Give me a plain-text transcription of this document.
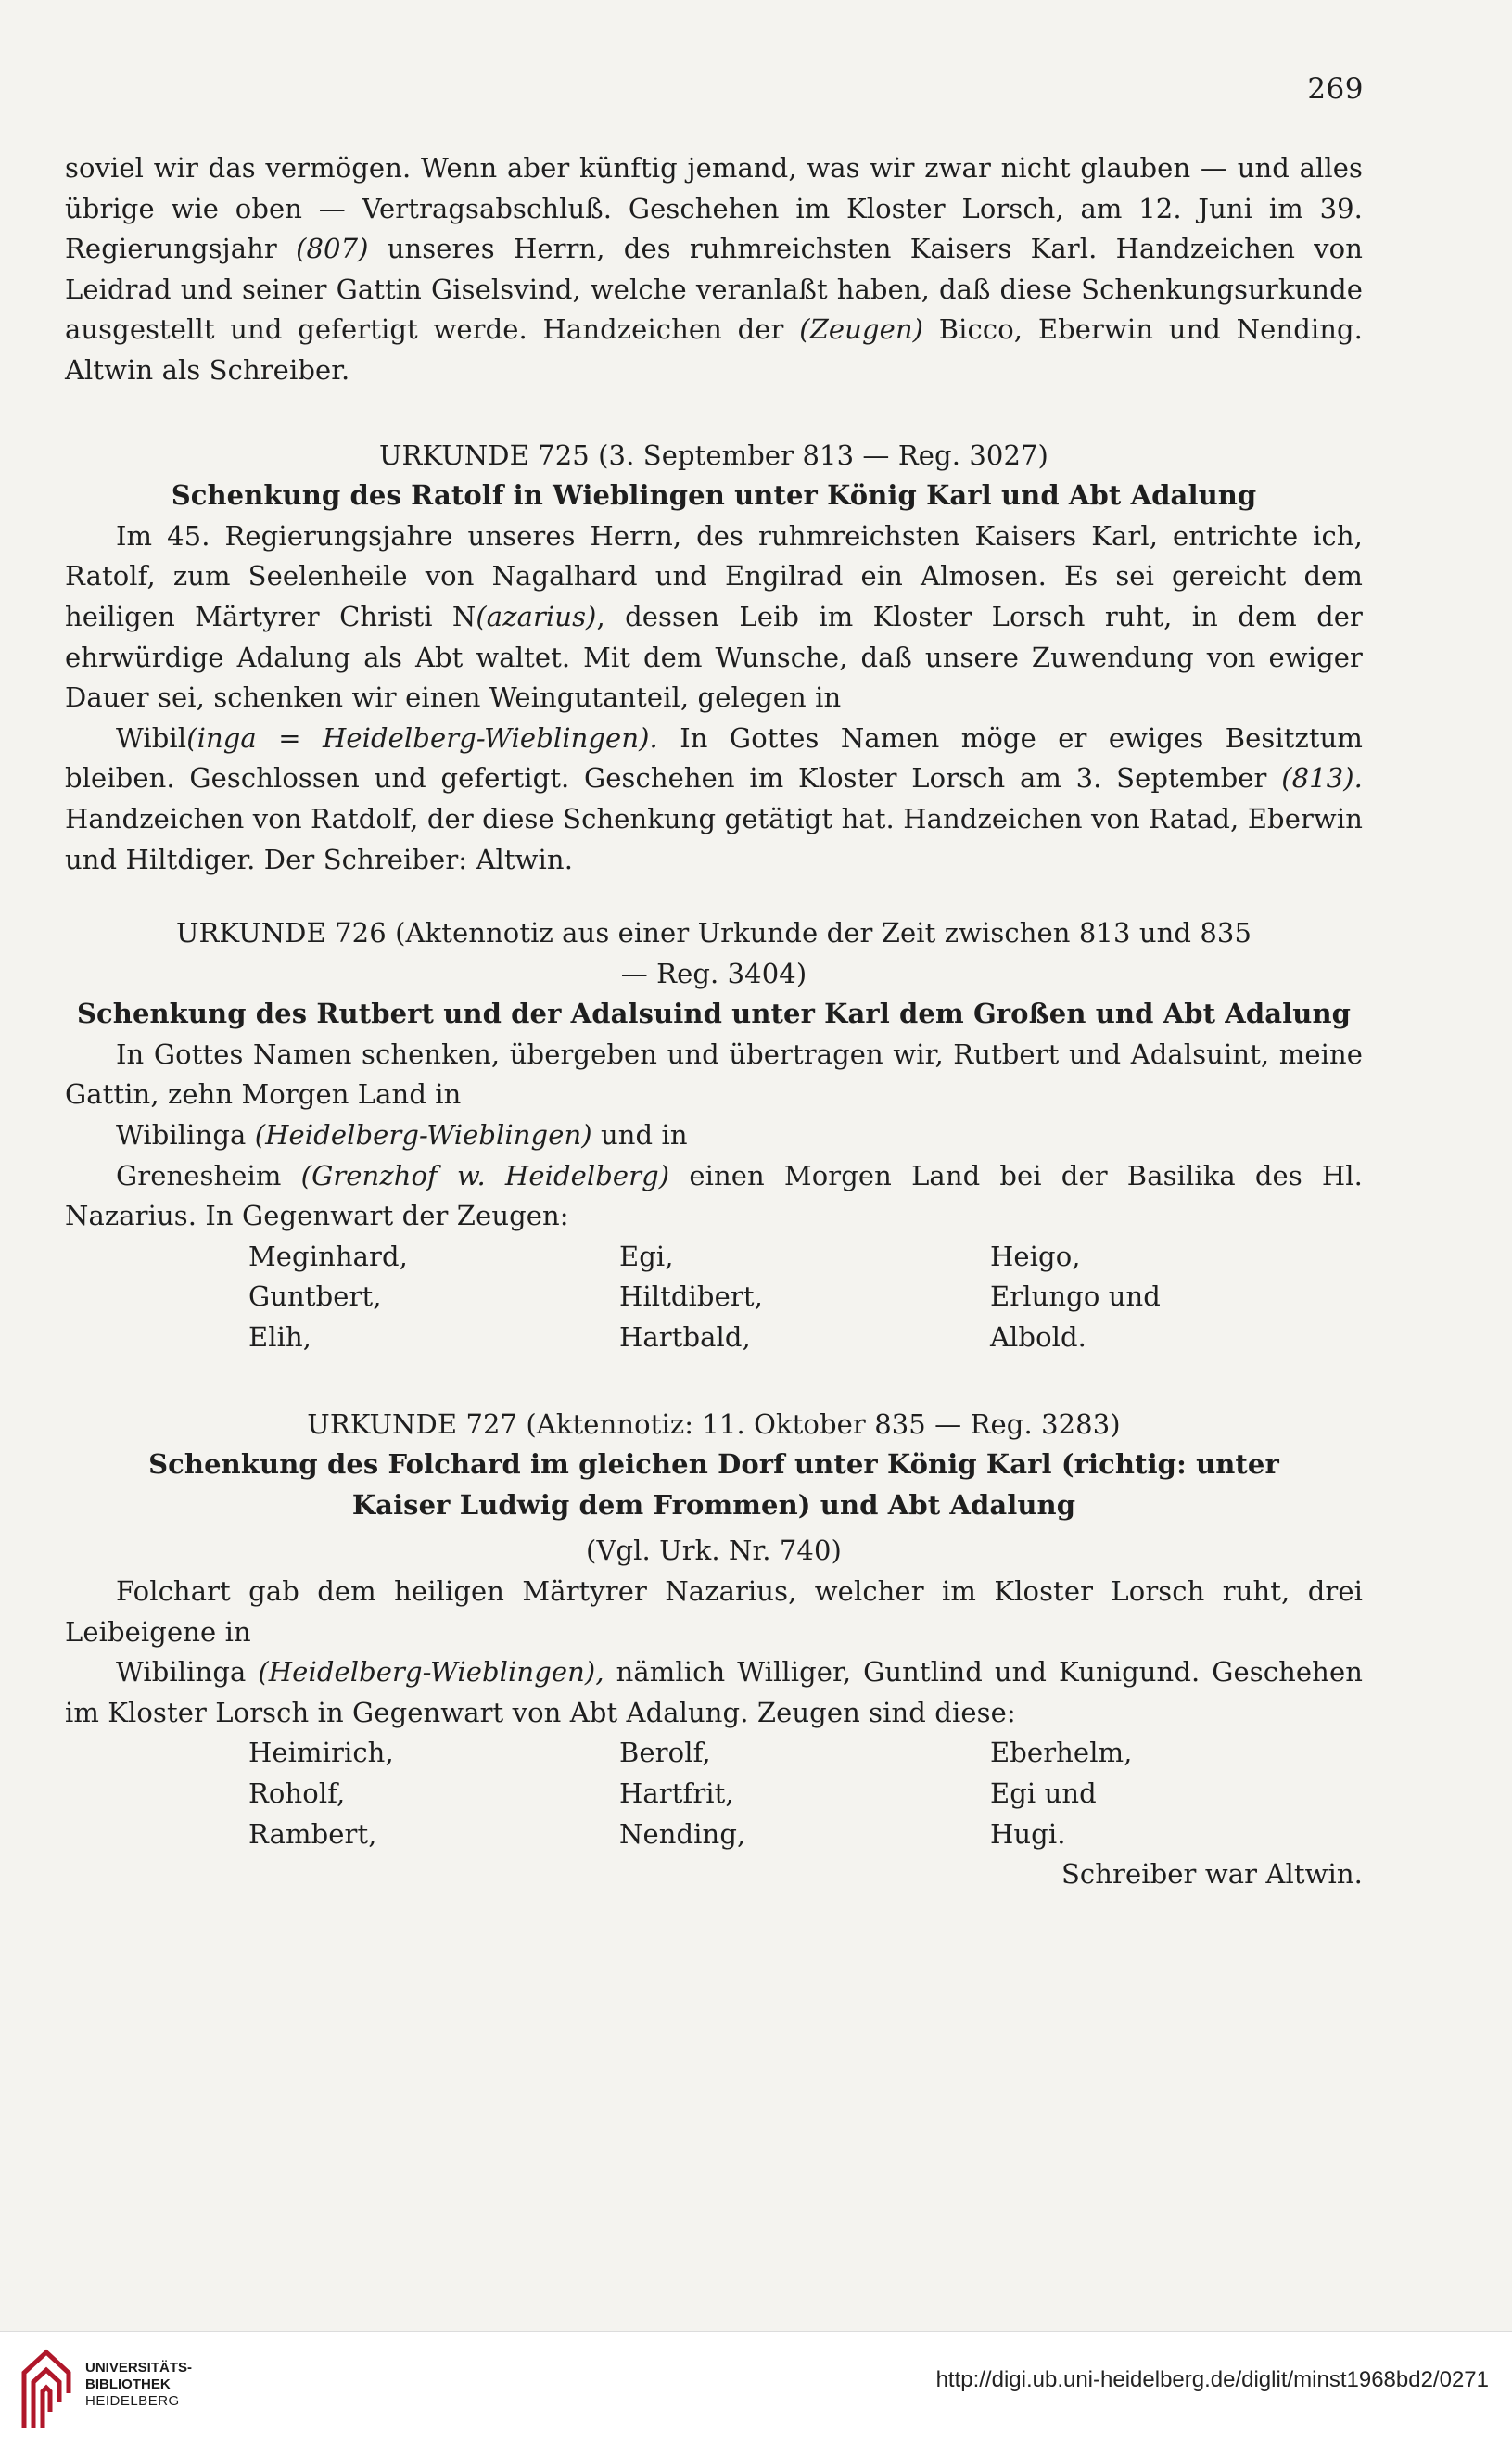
269

soviel wir das vermögen. Wenn aber künftig jemand, was wir zwar nicht glauben — und alles übrige wie oben — Vertragsabschluß. Geschehen im Kloster Lorsch, am 12. Juni im 39. Regierungsjahr (807) unseres Herrn, des ruhmreichsten Kaisers Karl. Handzeichen von Leidrad und seiner Gattin Giselsvind, welche veranlaßt haben, daß diese Schenkungsurkunde ausgestellt und gefertigt werde. Handzeichen der (Zeugen) Bicco, Eberwin und Nending. Altwin als Schreiber.

URKUNDE 725 (3. September 813 — Reg. 3027)

Schenkung des Ratolf in Wieblingen unter König Karl und Abt Adalung

Im 45. Regierungsjahre unseres Herrn, des ruhmreichsten Kaisers Karl, entrichte ich, Ratolf, zum Seelenheile von Nagalhard und Engilrad ein Almosen. Es sei gereicht dem heiligen Märtyrer Christi N(azarius), dessen Leib im Kloster Lorsch ruht, in dem der ehrwürdige Adalung als Abt waltet. Mit dem Wunsche, daß unsere Zuwendung von ewiger Dauer sei, schenken wir einen Weingutanteil, gelegen in

Wibil(inga = Heidelberg-Wieblingen). In Gottes Namen möge er ewiges Besitztum bleiben. Geschlossen und gefertigt. Geschehen im Kloster Lorsch am 3. September (813). Handzeichen von Ratdolf, der diese Schenkung getätigt hat. Handzeichen von Ratad, Eberwin und Hiltdiger. Der Schreiber: Altwin.

URKUNDE 726 (Aktennotiz aus einer Urkunde der Zeit zwischen 813 und 835
— Reg. 3404)

Schenkung des Rutbert und der Adalsuind unter Karl dem Großen und Abt Adalung

In Gottes Namen schenken, übergeben und übertragen wir, Rutbert und Adalsuint, meine Gattin, zehn Morgen Land in

Wibilinga (Heidelberg-Wieblingen) und in

Grenesheim (Grenzhof w. Heidelberg) einen Morgen Land bei der Basilika des Hl. Nazarius. In Gegenwart der Zeugen:

Meginhard,	Egi,	Heigo,
Guntbert,	Hiltdibert,	Erlungo und
Elih,	Hartbald,	Albold.

URKUNDE 727 (Aktennotiz: 11. Oktober 835 — Reg. 3283)

Schenkung des Folchard im gleichen Dorf unter König Karl (richtig: unter
Kaiser Ludwig dem Frommen) und Abt Adalung

(Vgl. Urk. Nr. 740)

Folchart gab dem heiligen Märtyrer Nazarius, welcher im Kloster Lorsch ruht, drei Leibeigene in

Wibilinga (Heidelberg-Wieblingen), nämlich Williger, Guntlind und Kunigund. Geschehen im Kloster Lorsch in Gegenwart von Abt Adalung. Zeugen sind diese:

Heimirich,	Berolf,	Eberhelm,
Roholf,	Hartfrit,	Egi und
Rambert,	Nending,	Hugi.

Schreiber war Altwin.

UNIVERSITÄTS-
BIBLIOTHEK
HEIDELBERG
http://digi.ub.uni-heidelberg.de/diglit/minst1968bd2/0271
